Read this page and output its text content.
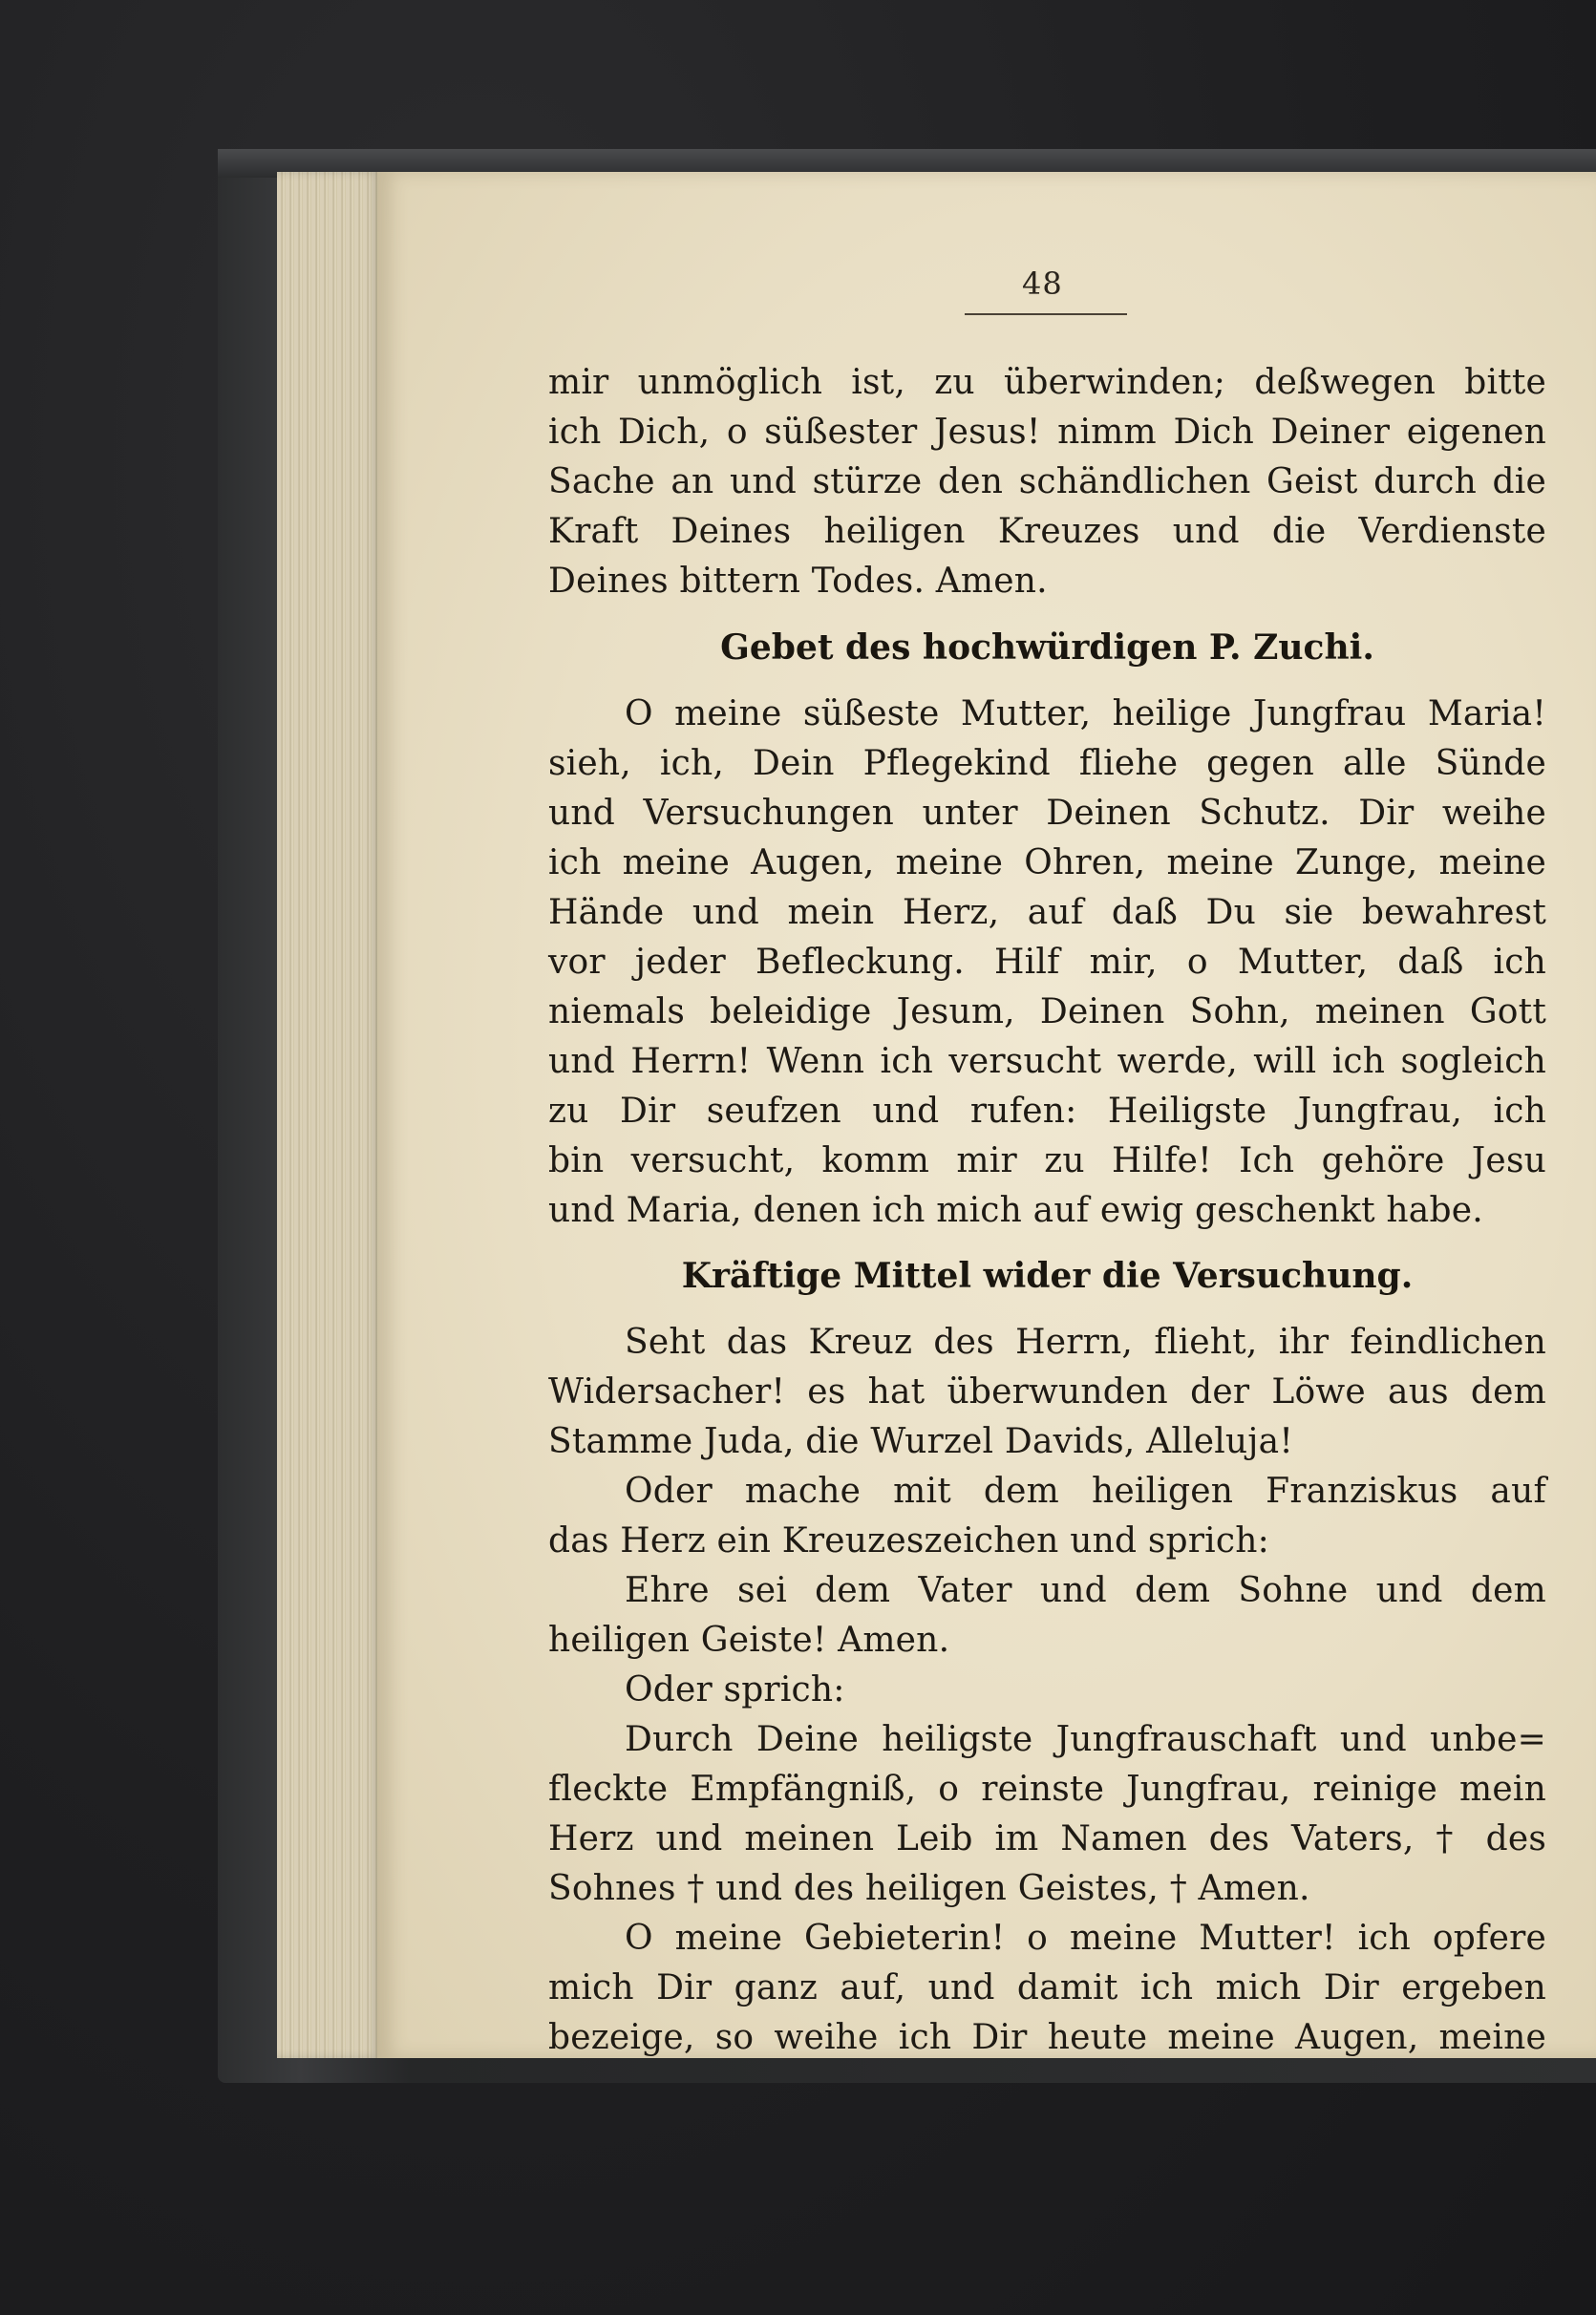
48
mir unmöglich ist, zu überwinden; deßwegen bitte
ich Dich, o süßester Jesus! nimm Dich Deiner eigenen
Sache an und stürze den schändlichen Geist durch die
Kraft Deines heiligen Kreuzes und die Verdienste
Deines bittern Todes. Amen.
Gebet des hochwürdigen P. Zuchi.
O meine süßeste Mutter, heilige Jungfrau Maria!
sieh, ich, Dein Pflegekind fliehe gegen alle Sünde
und Versuchungen unter Deinen Schutz. Dir weihe
ich meine Augen, meine Ohren, meine Zunge, meine
Hände und mein Herz, auf daß Du sie bewahrest
vor jeder Befleckung. Hilf mir, o Mutter, daß ich
niemals beleidige Jesum, Deinen Sohn, meinen Gott
und Herrn! Wenn ich versucht werde, will ich sogleich
zu Dir seufzen und rufen: Heiligste Jungfrau, ich
bin versucht, komm mir zu Hilfe! Ich gehöre Jesu
und Maria, denen ich mich auf ewig geschenkt habe.
Kräftige Mittel wider die Versuchung.
Seht das Kreuz des Herrn, flieht, ihr feindlichen
Widersacher! es hat überwunden der Löwe aus dem
Stamme Juda, die Wurzel Davids, Alleluja!
Oder mache mit dem heiligen Franziskus auf
das Herz ein Kreuzeszeichen und sprich:
Ehre sei dem Vater und dem Sohne und dem
heiligen Geiste! Amen.
Oder sprich:
Durch Deine heiligste Jungfrauschaft und unbe=
fleckte Empfängniß, o reinste Jungfrau, reinige mein
Herz und meinen Leib im Namen des Vaters, † des
Sohnes † und des heiligen Geistes, † Amen.
O meine Gebieterin! o meine Mutter! ich opfere
mich Dir ganz auf, und damit ich mich Dir ergeben
bezeige, so weihe ich Dir heute meine Augen, meine
